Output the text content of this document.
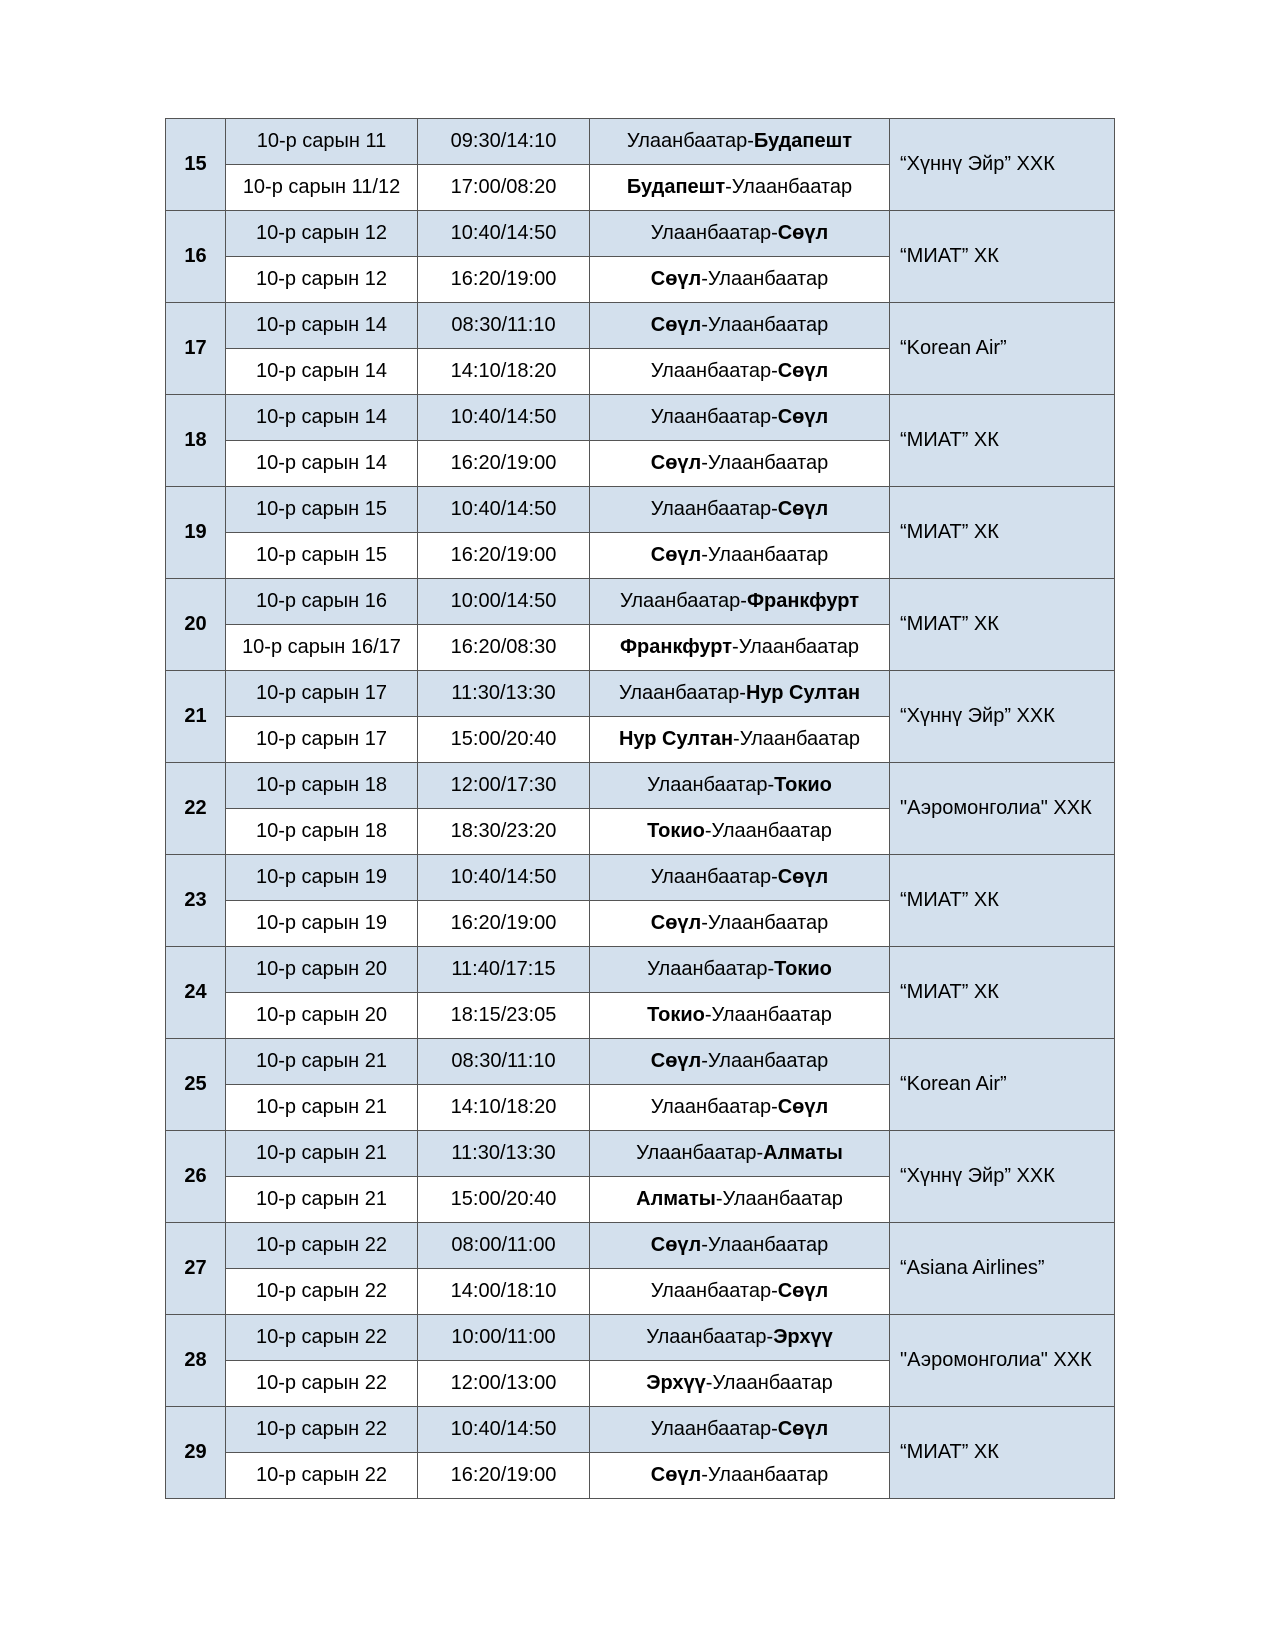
15	10-р сарын 11	09:30/14:10	Улаанбаатар-Будапешт	“Хүннү Эйр” ХХК
	10-р сарын 11/12	17:00/08:20	Будапешт-Улаанбаатар	
16	10-р сарын 12	10:40/14:50	Улаанбаатар-Сөүл	“МИАТ” ХК
	10-р сарын 12	16:20/19:00	Сөүл-Улаанбаатар	
17	10-р сарын 14	08:30/11:10	Сөүл-Улаанбаатар	“Korean Air”
	10-р сарын 14	14:10/18:20	Улаанбаатар-Сөүл	
18	10-р сарын 14	10:40/14:50	Улаанбаатар-Сөүл	“МИАТ” ХК
	10-р сарын 14	16:20/19:00	Сөүл-Улаанбаатар	
19	10-р сарын 15	10:40/14:50	Улаанбаатар-Сөүл	“МИАТ” ХК
	10-р сарын 15	16:20/19:00	Сөүл-Улаанбаатар	
20	10-р сарын 16	10:00/14:50	Улаанбаатар-Франкфурт	“МИАТ” ХК
	10-р сарын 16/17	16:20/08:30	Франкфурт-Улаанбаатар	
21	10-р сарын 17	11:30/13:30	Улаанбаатар-Нур Султан	“Хүннү Эйр” ХХК
	10-р сарын 17	15:00/20:40	Нур Султан-Улаанбаатар	
22	10-р сарын 18	12:00/17:30	Улаанбаатар-Токио	"Аэромонголиа" ХХК
	10-р сарын 18	18:30/23:20	Токио-Улаанбаатар	
23	10-р сарын 19	10:40/14:50	Улаанбаатар-Сөүл	“МИАТ” ХК
	10-р сарын 19	16:20/19:00	Сөүл-Улаанбаатар	
24	10-р сарын 20	11:40/17:15	Улаанбаатар-Токио	“МИАТ” ХК
	10-р сарын 20	18:15/23:05	Токио-Улаанбаатар	
25	10-р сарын 21	08:30/11:10	Сөүл-Улаанбаатар	“Korean Air”
	10-р сарын 21	14:10/18:20	Улаанбаатар-Сөүл	
26	10-р сарын 21	11:30/13:30	Улаанбаатар-Алматы	“Хүннү Эйр” ХХК
	10-р сарын 21	15:00/20:40	Алматы-Улаанбаатар	
27	10-р сарын 22	08:00/11:00	Сөүл-Улаанбаатар	“Asiana Airlines”
	10-р сарын 22	14:00/18:10	Улаанбаатар-Сөүл	
28	10-р сарын 22	10:00/11:00	Улаанбаатар-Эрхүү	"Аэромонголиа" ХХК
	10-р сарын 22	12:00/13:00	Эрхүү-Улаанбаатар	
29	10-р сарын 22	10:40/14:50	Улаанбаатар-Сөүл	“МИАТ” ХК
	10-р сарын 22	16:20/19:00	Сөүл-Улаанбаатар	
